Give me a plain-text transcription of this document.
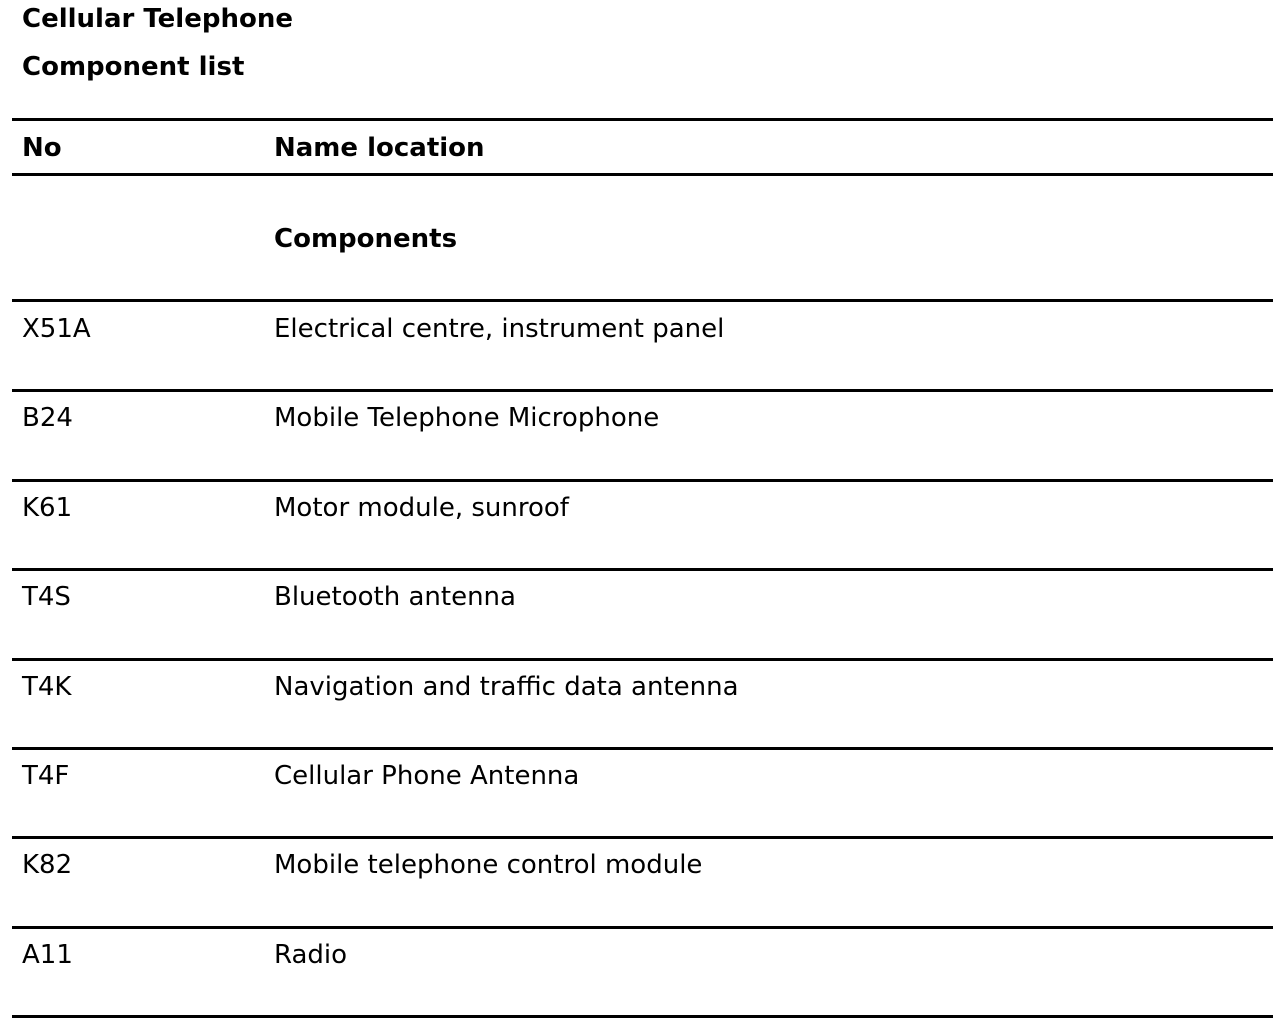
Cellular Telephone
Component list
No	Name location
Components
X51A	Electrical centre, instrument panel
B24	Mobile Telephone Microphone
K61	Motor module, sunroof
T4S	Bluetooth antenna
T4K	Navigation and traffic data antenna
T4F	Cellular Phone Antenna
K82	Mobile telephone control module
A11	Radio
